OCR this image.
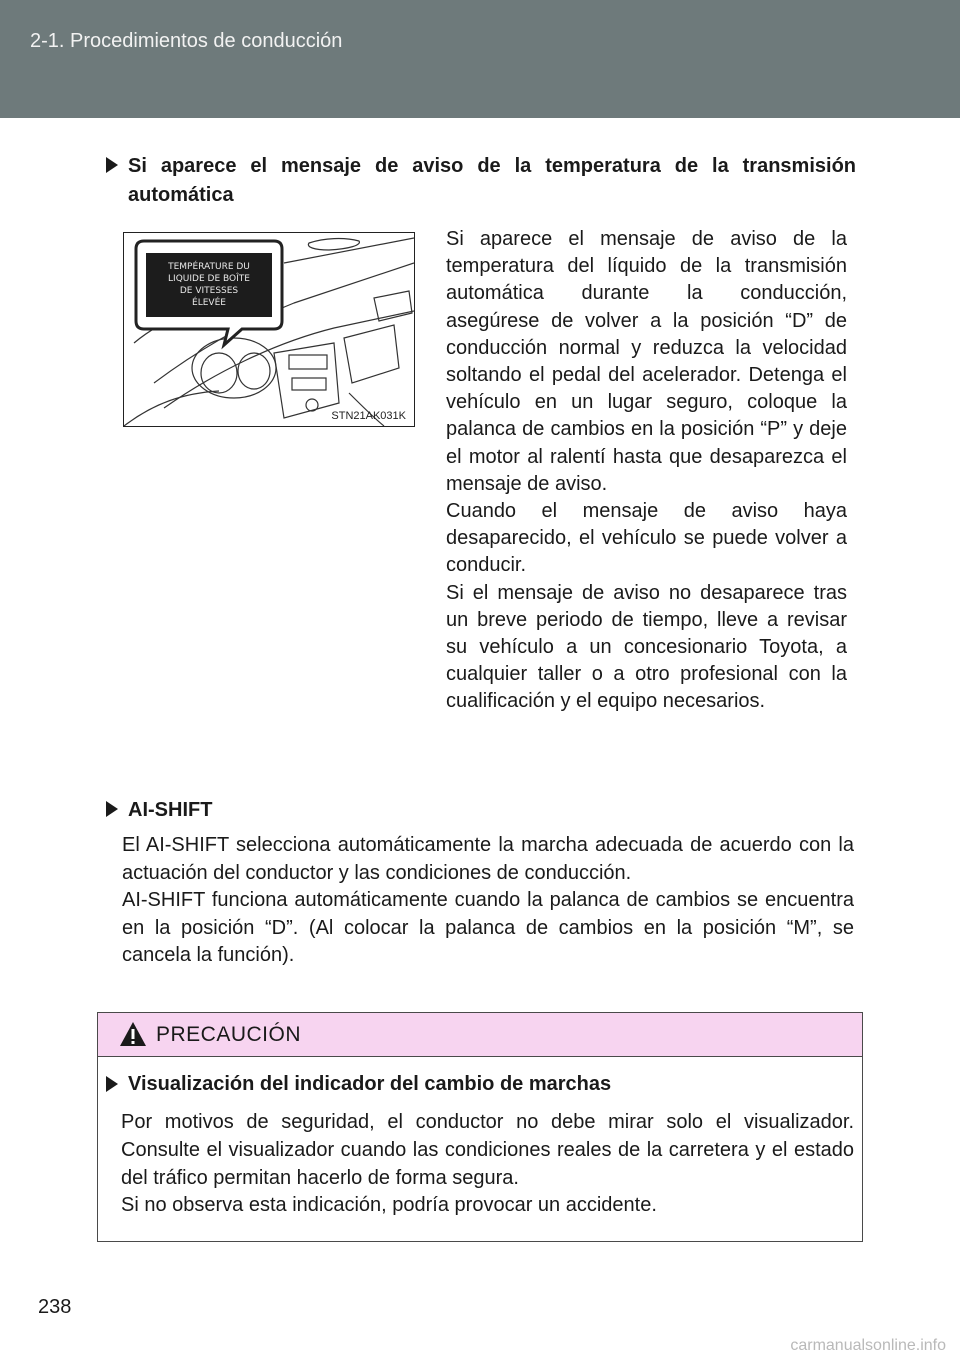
2-1. Procedimientos de conducción
Si aparece el mensaje de aviso de la temperatura de la transmisión automática
TEMPÉRATURE DU
LIQUIDE DE BOÎTE
DE VITESSES
ÉLEVÉE
STN21AK031K

Si aparece el mensaje de aviso de la temperatura del líquido de la transmisión automática durante la conducción, asegúrese de volver a la posición “D” de conducción normal y reduzca la velocidad soltando el pedal del acelerador. Detenga el vehículo en un lugar seguro, coloque la palanca de cambios en la posición “P” y deje el motor al ralentí hasta que desaparezca el mensaje de aviso.

Cuando el mensaje de aviso haya desaparecido, el vehículo se puede volver a conducir.

Si el mensaje de aviso no desaparece tras un breve periodo de tiempo, lleve a revisar su vehículo a un concesionario Toyota, a cualquier taller o a otro profesional con la cualificación y el equipo necesarios.

AI-SHIFT

El AI-SHIFT selecciona automáticamente la marcha adecuada de acuerdo con la actuación del conductor y las condiciones de conducción.

AI-SHIFT funciona automáticamente cuando la palanca de cambios se encuentra en la posición “D”. (Al colocar la palanca de cambios en la posición “M”, se cancela la función).

PRECAUCIÓN
Visualización del indicador del cambio de marchas

Por motivos de seguridad, el conductor no debe mirar solo el visualizador. Consulte el visualizador cuando las condiciones reales de la carretera y el estado del tráfico permitan hacerlo de forma segura.

Si no observa esta indicación, podría provocar un accidente.

238
carmanualsonline.info
